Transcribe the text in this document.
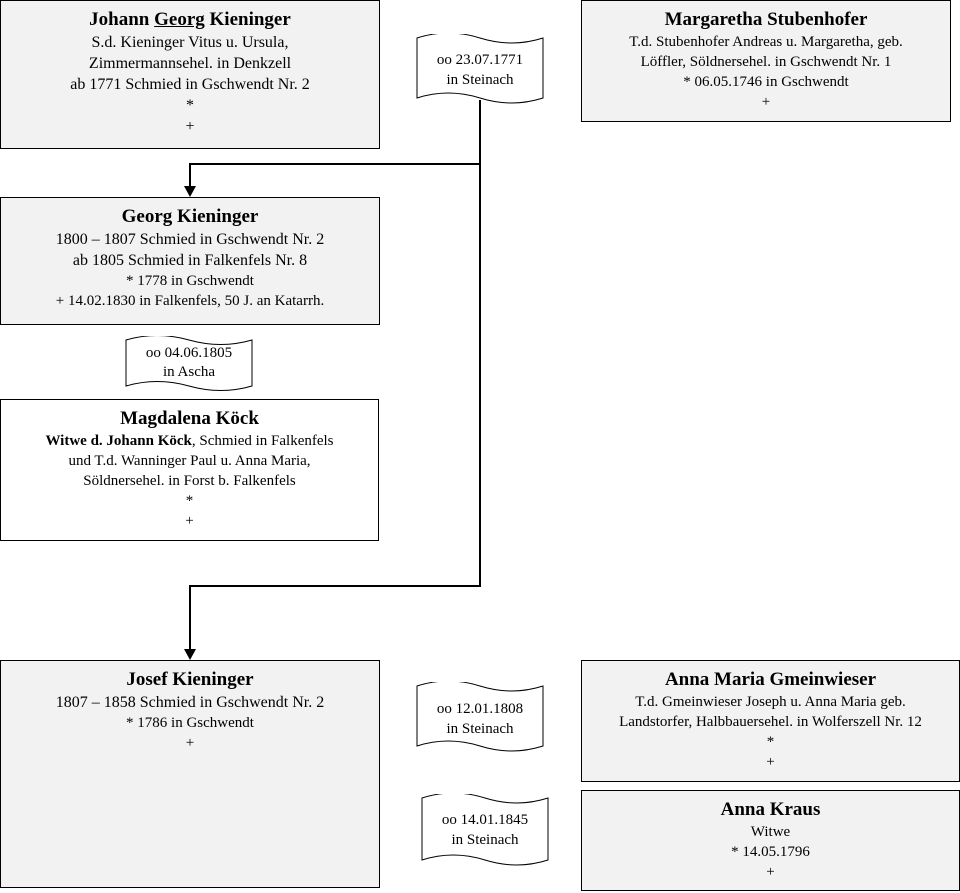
Johann Georg Kieninger
S.d. Kieninger Vitus u. Ursula,
Zimmermannsehel. in Denkzell
ab 1771 Schmied in Gschwendt Nr. 2
*
+
Margaretha Stubenhofer
T.d. Stubenhofer Andreas u. Margaretha, geb.
Löffler, Söldnersehel. in Gschwendt Nr. 1
* 06.05.1746 in Gschwendt
+
oo 23.07.1771
in Steinach
Georg Kieninger
1800 – 1807 Schmied in Gschwendt Nr. 2
ab 1805 Schmied in Falkenfels Nr. 8
* 1778 in Gschwendt
+ 14.02.1830 in Falkenfels, 50 J. an Katarrh.
oo 04.06.1805
in Ascha
Magdalena Köck
Witwe d. Johann Köck, Schmied in Falkenfels
und T.d. Wanninger Paul u. Anna Maria,
Söldnersehel. in Forst b. Falkenfels
*
+
Josef Kieninger
1807 – 1858 Schmied in Gschwendt Nr. 2
* 1786 in Gschwendt
+
oo 12.01.1808
in Steinach
Anna Maria Gmeinwieser
T.d. Gmeinwieser Joseph u. Anna Maria geb.
Landstorfer, Halbbauersehel. in Wolferszell Nr. 12
*
+
oo 14.01.1845
in Steinach
Anna Kraus
Witwe
* 14.05.1796
+
